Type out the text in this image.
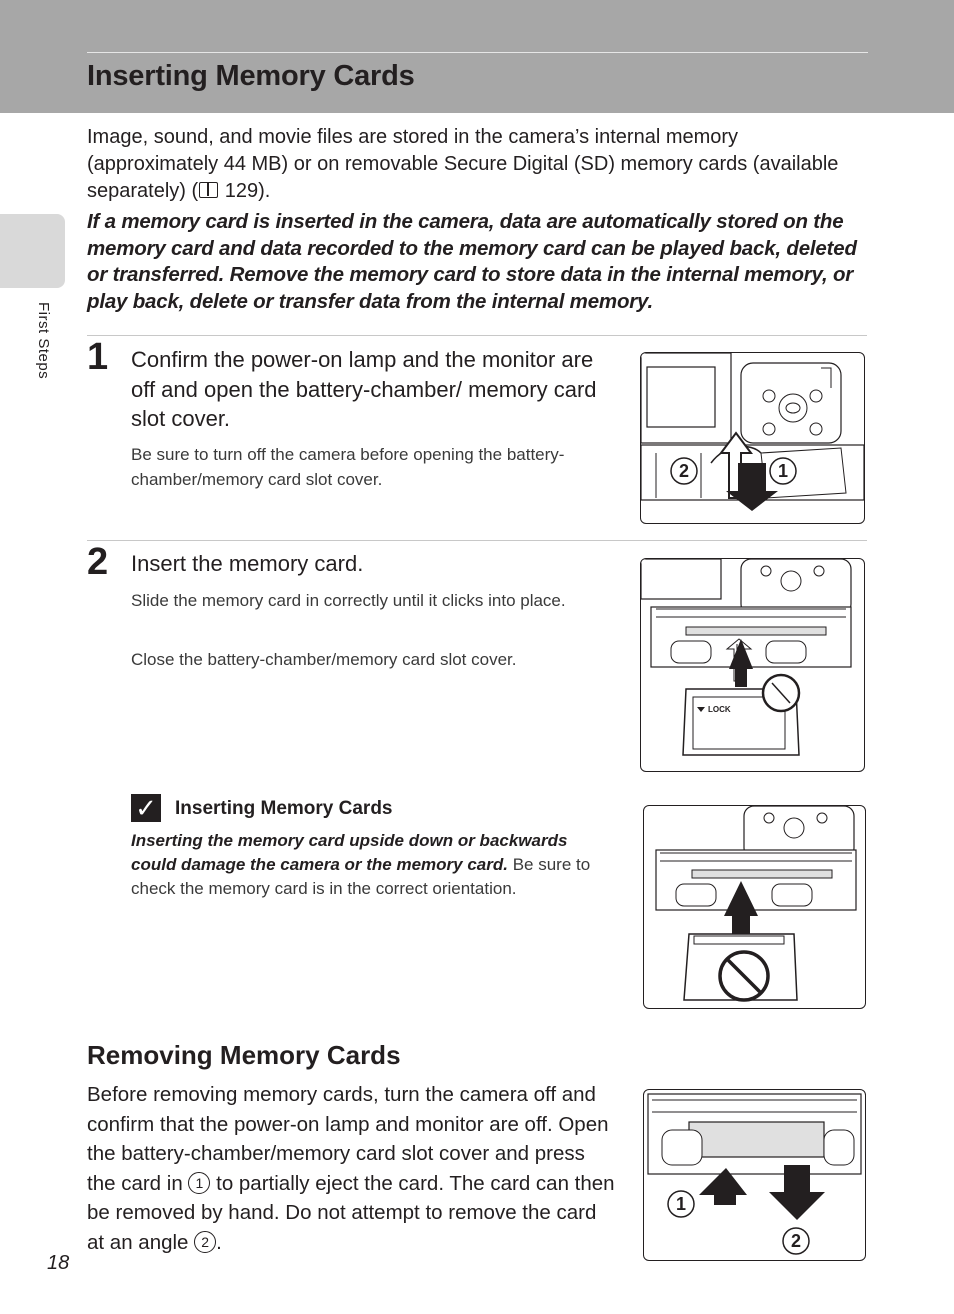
Inserting Memory Cards
First Steps

Image, sound, and movie files are stored in the camera’s internal memory (approximately 44 MB) or on removable Secure Digital (SD) memory cards (available separately) ( 129).

If a memory card is inserted in the camera, data are automatically stored on the memory card and data recorded to the memory card can be played back, deleted or transferred. Remove the memory card to store data in the internal memory, or play back, delete or transfer data from the internal memory.

1 Confirm the power-on lamp and the monitor are off and open the battery-chamber/ memory card slot cover.

Be sure to turn off the camera before opening the battery-chamber/memory card slot cover.	2	1
2 Insert the memory card.

Slide the memory card in correctly until it clicks into place.

Close the battery-chamber/memory card slot cover.

LOCK
✓ Inserting Memory Cards

Inserting the memory card upside down or backwards could damage the camera or the memory card. Be sure to check the memory card is in the correct orientation.

Removing Memory Cards

Before removing memory cards, turn the camera off and confirm that the power-on lamp and monitor are off. Open the battery-chamber/memory card slot cover and press the card in 1 to partially eject the card. The card can then be removed by hand. Do not attempt to remove the card at an angle 2 .

1
2
18
